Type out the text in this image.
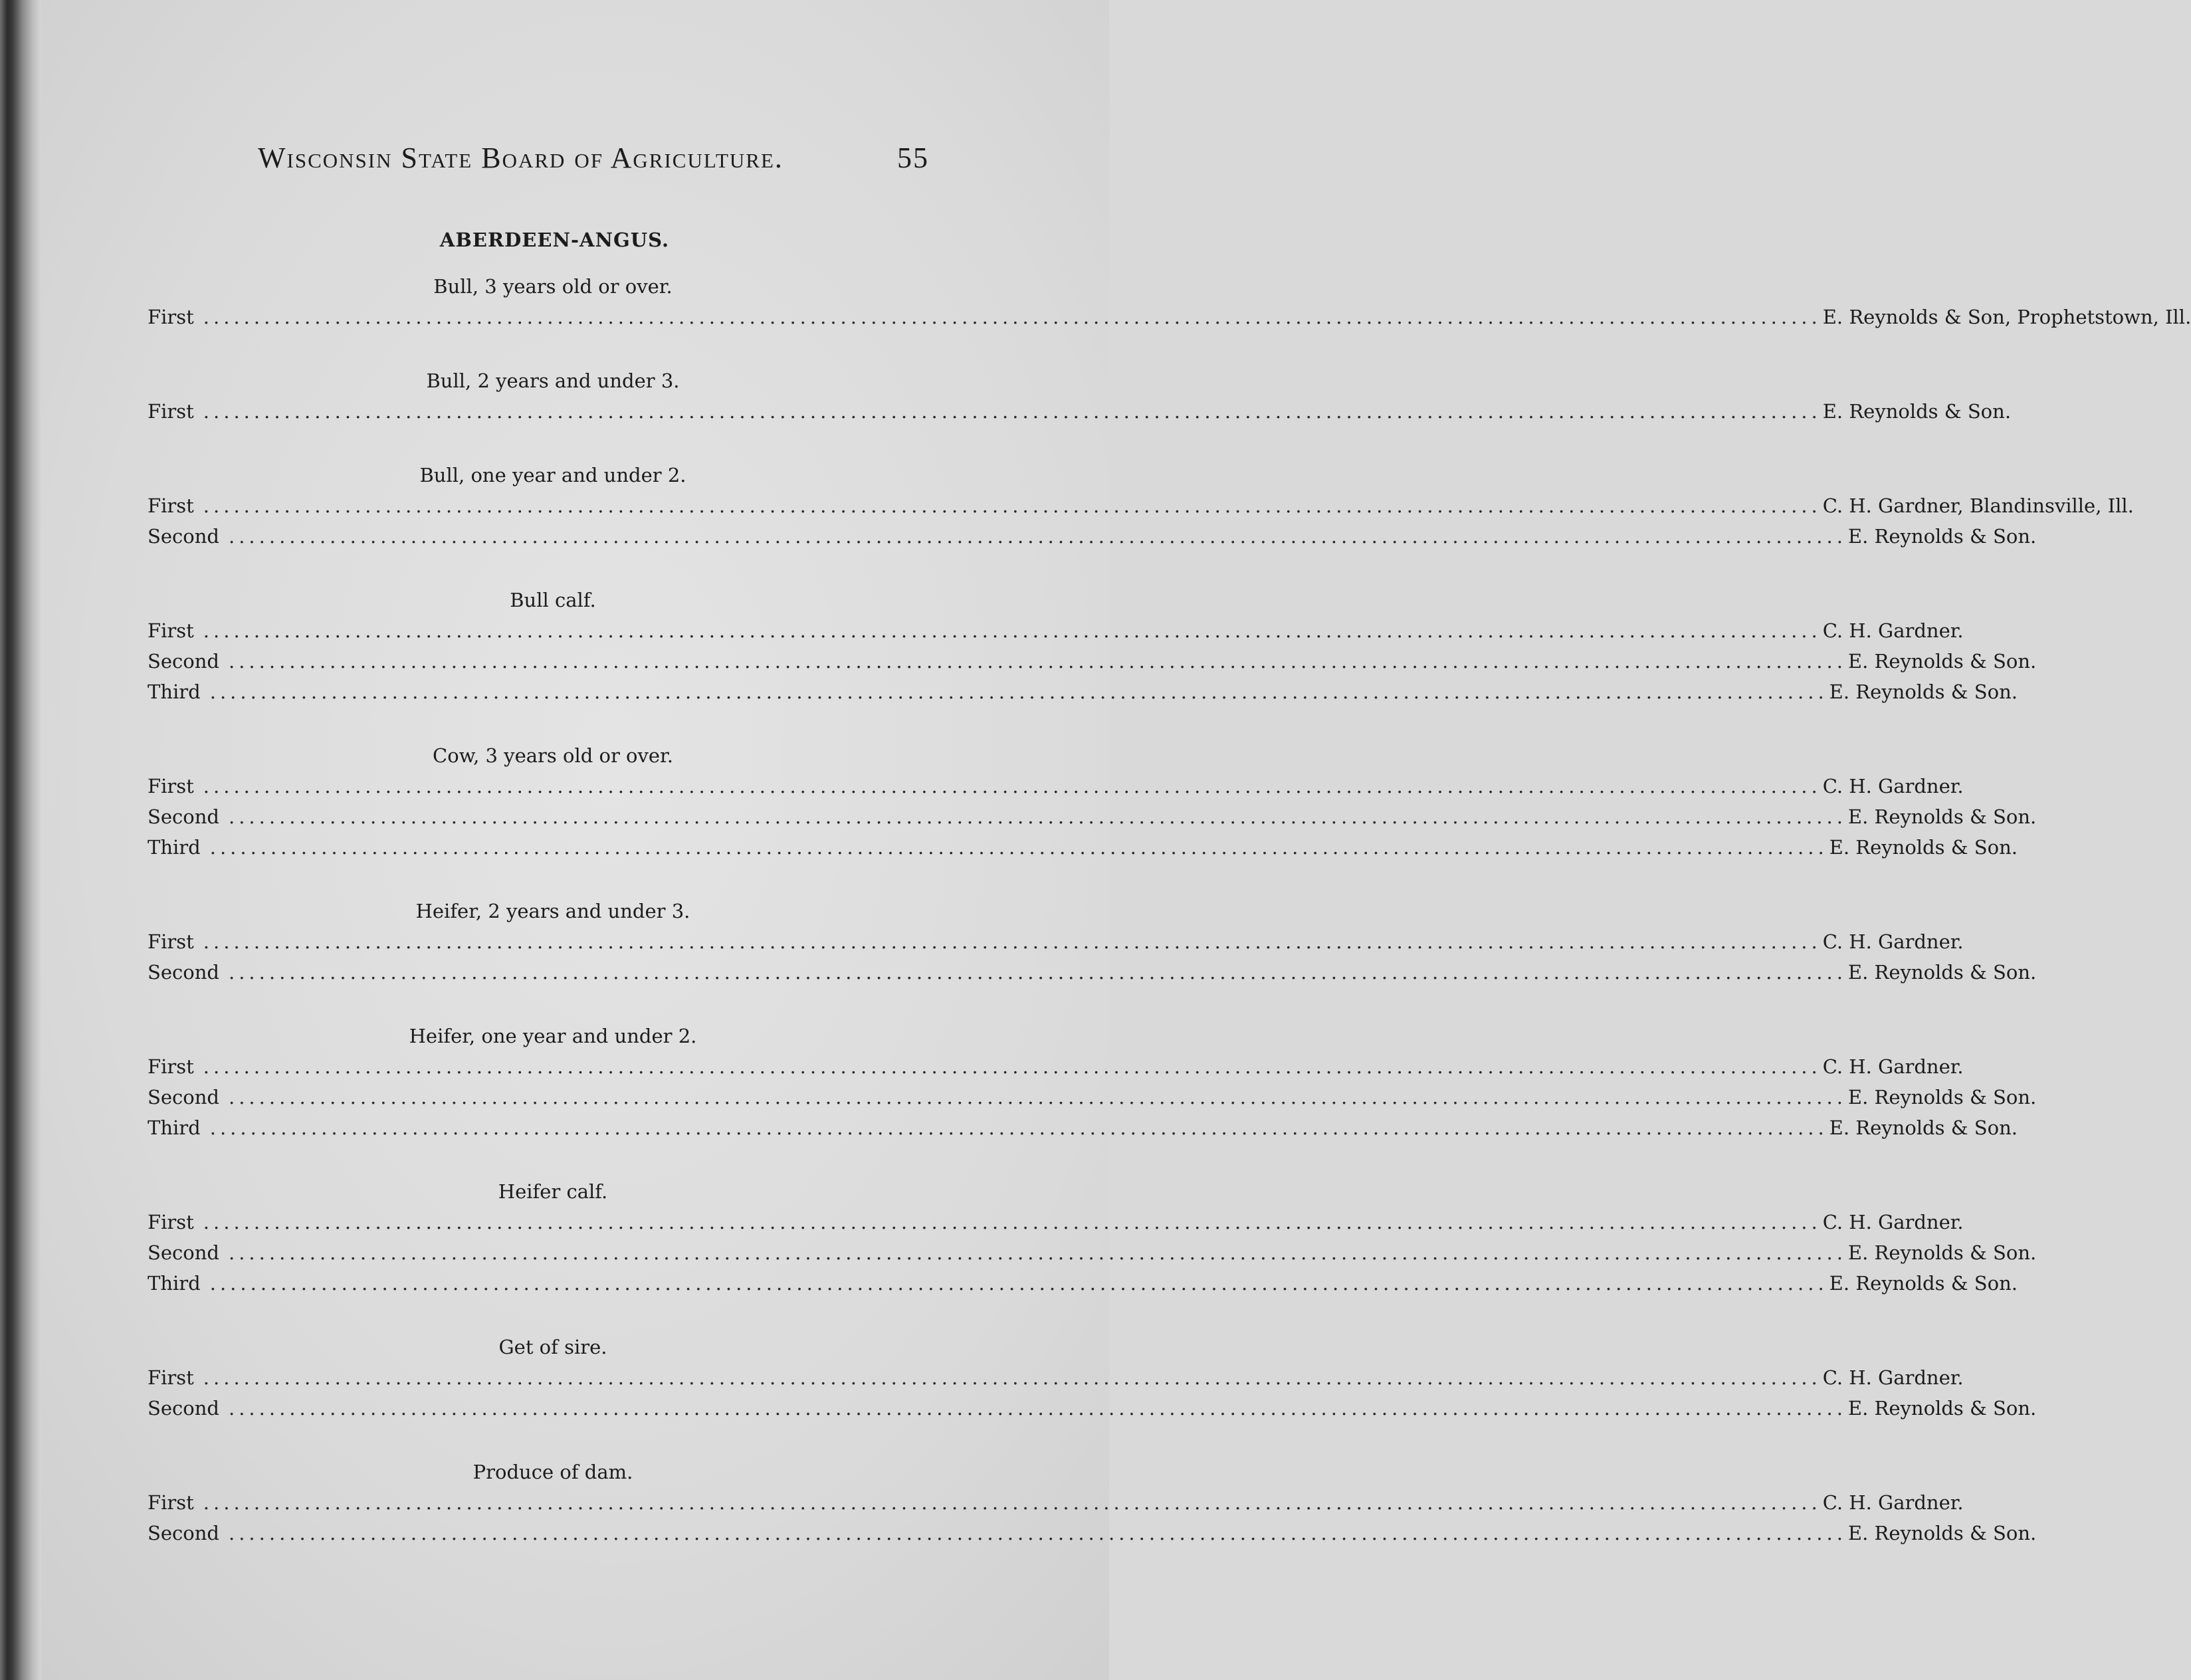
Wisconsin State Board of Agriculture.	55
ABERDEEN-ANGUS.
Bull, 3 years old or over.
First ................................................................................................................................................................ E. Reynolds & Son, Prophetstown, Ill.
Bull, 2 years and under 3.
First ................................................................................................................................................................ E. Reynolds & Son.
Bull, one year and under 2.
First ................................................................................................................................................................ C. H. Gardner, Blandinsville, Ill.
Second ................................................................................................................................................................ E. Reynolds & Son.
Bull calf.
First ................................................................................................................................................................ C. H. Gardner.
Second ................................................................................................................................................................ E. Reynolds & Son.
Third ................................................................................................................................................................ E. Reynolds & Son.
Cow, 3 years old or over.
First ................................................................................................................................................................ C. H. Gardner.
Second ................................................................................................................................................................ E. Reynolds & Son.
Third ................................................................................................................................................................ E. Reynolds & Son.
Heifer, 2 years and under 3.
First ................................................................................................................................................................ C. H. Gardner.
Second ................................................................................................................................................................ E. Reynolds & Son.
Heifer, one year and under 2.
First ................................................................................................................................................................ C. H. Gardner.
Second ................................................................................................................................................................ E. Reynolds & Son.
Third ................................................................................................................................................................ E. Reynolds & Son.
Heifer calf.
First ................................................................................................................................................................ C. H. Gardner.
Second ................................................................................................................................................................ E. Reynolds & Son.
Third ................................................................................................................................................................ E. Reynolds & Son.
Get of sire.
First ................................................................................................................................................................ C. H. Gardner.
Second ................................................................................................................................................................ E. Reynolds & Son.
Produce of dam.
First ................................................................................................................................................................ C. H. Gardner.
Second ................................................................................................................................................................ E. Reynolds & Son.
